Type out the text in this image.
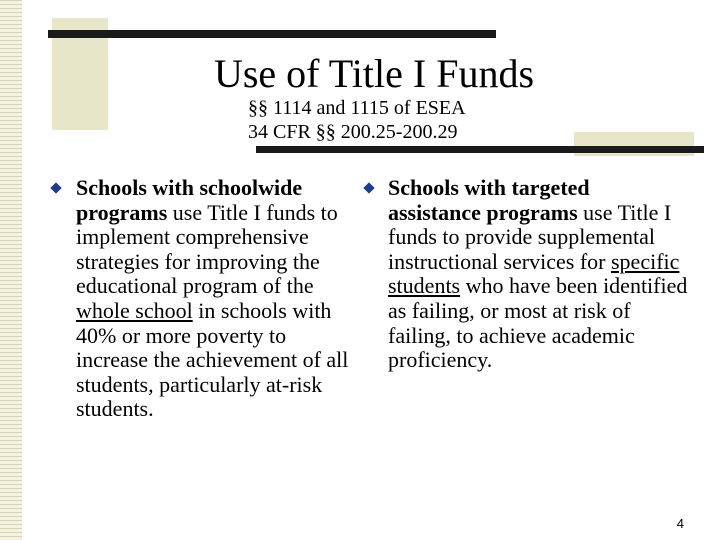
Use of Title I Funds
§§ 1114 and 1115 of ESEA
34 CFR §§ 200.25-200.29
Schools with schoolwide programs use Title I funds to implement comprehensive strategies for improving the educational program of the whole school in schools with 40% or more poverty to increase the achievement of all students, particularly at-risk students.
Schools with targeted assistance programs use Title I funds to provide supplemental instructional services for specific students who have been identified as failing, or most at risk of failing, to achieve academic proficiency.
4
